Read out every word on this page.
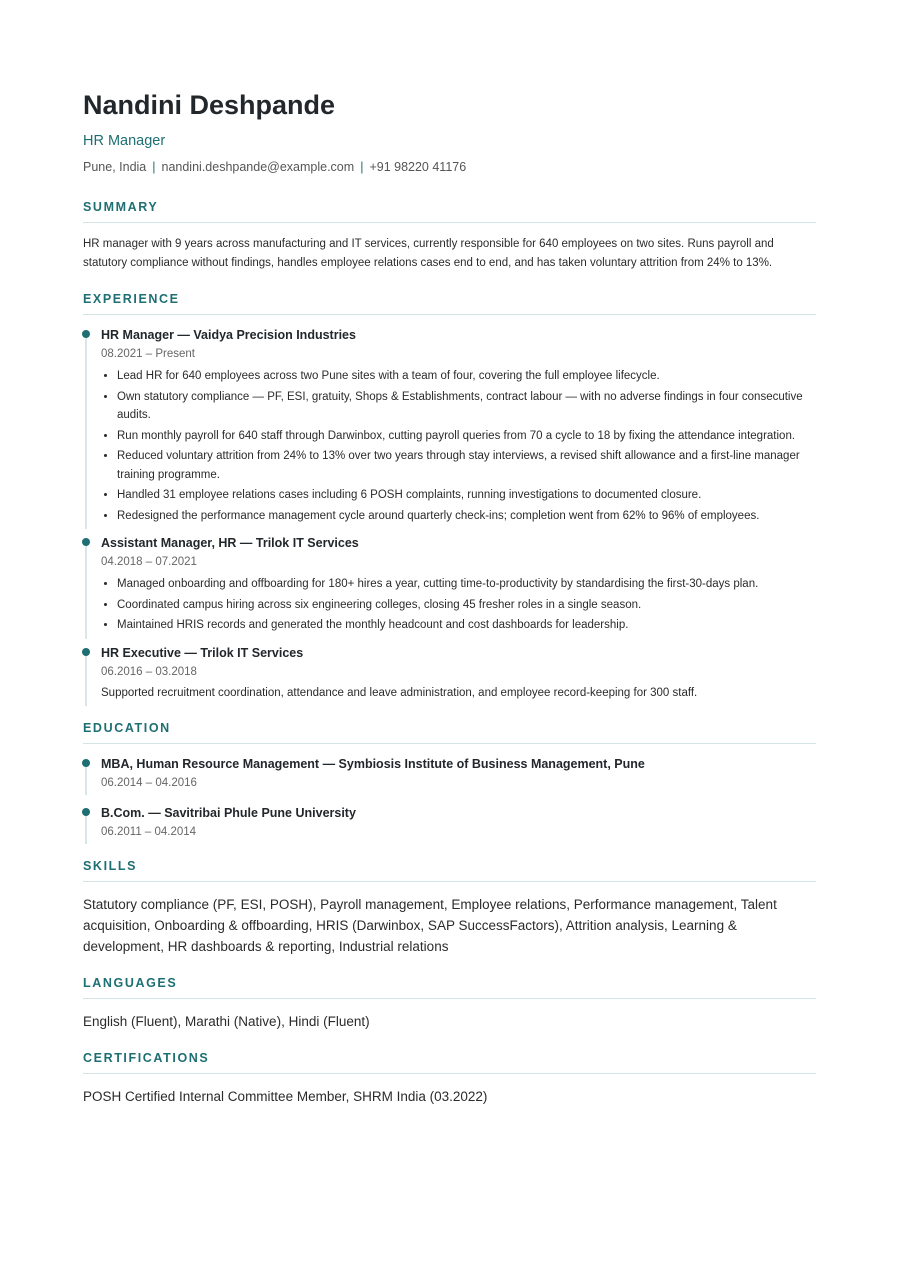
Nandini Deshpande
HR Manager
Pune, India | nandini.deshpande@example.com | +91 98220 41176
SUMMARY
HR manager with 9 years across manufacturing and IT services, currently responsible for 640 employees on two sites. Runs payroll and statutory compliance without findings, handles employee relations cases end to end, and has taken voluntary attrition from 24% to 13%.
EXPERIENCE
HR Manager — Vaidya Precision Industries
08.2021 – Present
• Lead HR for 640 employees across two Pune sites with a team of four, covering the full employee lifecycle.
• Own statutory compliance — PF, ESI, gratuity, Shops & Establishments, contract labour — with no adverse findings in four consecutive audits.
• Run monthly payroll for 640 staff through Darwinbox, cutting payroll queries from 70 a cycle to 18 by fixing the attendance integration.
• Reduced voluntary attrition from 24% to 13% over two years through stay interviews, a revised shift allowance and a first-line manager training programme.
• Handled 31 employee relations cases including 6 POSH complaints, running investigations to documented closure.
• Redesigned the performance management cycle around quarterly check-ins; completion went from 62% to 96% of employees.
Assistant Manager, HR — Trilok IT Services
04.2018 – 07.2021
• Managed onboarding and offboarding for 180+ hires a year, cutting time-to-productivity by standardising the first-30-days plan.
• Coordinated campus hiring across six engineering colleges, closing 45 fresher roles in a single season.
• Maintained HRIS records and generated the monthly headcount and cost dashboards for leadership.
HR Executive — Trilok IT Services
06.2016 – 03.2018
Supported recruitment coordination, attendance and leave administration, and employee record-keeping for 300 staff.
EDUCATION
MBA, Human Resource Management — Symbiosis Institute of Business Management, Pune
06.2014 – 04.2016
B.Com. — Savitribai Phule Pune University
06.2011 – 04.2014
SKILLS
Statutory compliance (PF, ESI, POSH), Payroll management, Employee relations, Performance management, Talent acquisition, Onboarding & offboarding, HRIS (Darwinbox, SAP SuccessFactors), Attrition analysis, Learning & development, HR dashboards & reporting, Industrial relations
LANGUAGES
English (Fluent), Marathi (Native), Hindi (Fluent)
CERTIFICATIONS
POSH Certified Internal Committee Member, SHRM India (03.2022)
